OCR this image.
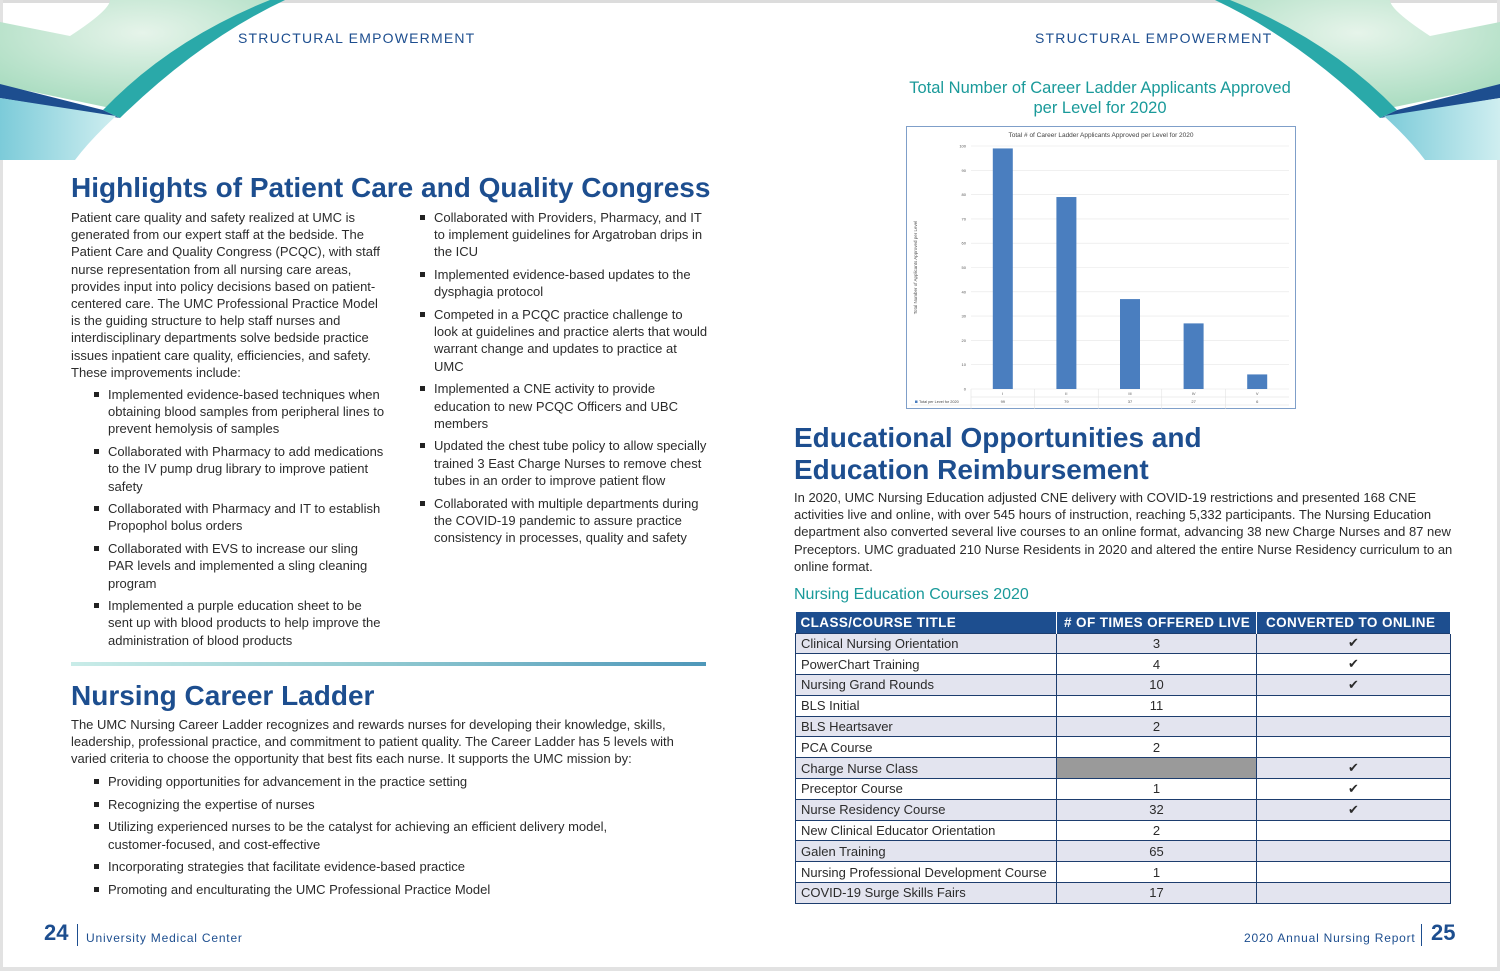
STRUCTURAL EMPOWERMENT	STRUCTURAL EMPOWERMENT
Highlights of Patient Care and Quality Congress
Patient care quality and safety realized at UMC is generated from our expert staff at the bedside. The Patient Care and Quality Congress (PCQC), with staff nurse representation from all nursing care areas, provides input into policy decisions based on patient-centered care. The UMC Professional Practice Model is the guiding structure to help staff nurses and interdisciplinary departments solve bedside practice issues inpatient care quality, efficiencies, and safety. These improvements include:
Implemented evidence-based techniques when obtaining blood samples from peripheral lines to prevent hemolysis of samples
Collaborated with Pharmacy to add medications to the IV pump drug library to improve patient safety
Collaborated with Pharmacy and IT to establish Propophol bolus orders
Collaborated with EVS to increase our sling PAR levels and implemented a sling cleaning program
Implemented a purple education sheet to be sent up with blood products to help improve the administration of blood products
Collaborated with Providers, Pharmacy, and IT to implement guidelines for Argatroban drips in the ICU
Implemented evidence-based updates to the dysphagia protocol
Competed in a PCQC practice challenge to look at guidelines and practice alerts that would warrant change and updates to practice at UMC
Implemented a CNE activity to provide education to new PCQC Officers and UBC members
Updated the chest tube policy to allow specially trained 3 East Charge Nurses to remove chest tubes in an order to improve patient flow
Collaborated with multiple departments during the COVID-19 pandemic to assure practice consistency in processes, quality and safety
Nursing Career Ladder
The UMC Nursing Career Ladder recognizes and rewards nurses for developing their knowledge, skills, leadership, professional practice, and commitment to patient quality. The Career Ladder has 5 levels with varied criteria to choose the opportunity that best fits each nurse. It supports the UMC mission by:
Providing opportunities for advancement in the practice setting
Recognizing the expertise of nurses
Utilizing experienced nurses to be the catalyst for achieving an efficient delivery model, customer-focused, and cost-effective
Incorporating strategies that facilitate evidence-based practice
Promoting and enculturating the UMC Professional Practice Model
24 University Medical Center
Total Number of Career Ladder Applicants Approved per Level for 2020
Total # of Career Ladder Applicants Approved per Level for 2020
0
10
20
30
40
50
60
70
80
90
100
Total Number of Applicants Approved per Level
Total per Level for 2020
I
99
II
79
III
37
IV
27
V
6
Educational Opportunities and
Education Reimbursement
In 2020, UMC Nursing Education adjusted CNE delivery with COVID-19 restrictions and presented 168 CNE activities live and online, with over 545 hours of instruction, reaching 5,332 participants. The Nursing Education department also converted several live courses to an online format, advancing 38 new Charge Nurses and 87 new Preceptors. UMC graduated 210 Nurse Residents in 2020 and altered the entire Nurse Residency curriculum to an online format.
Nursing Education Courses 2020
CLASS/COURSE TITLE	# OF TIMES OFFERED LIVE	CONVERTED TO ONLINE
Clinical Nursing Orientation	3	✔
PowerChart Training	4	✔
Nursing Grand Rounds	10	✔
BLS Initial	11	
BLS Heartsaver	2	
PCA Course	2	
Charge Nurse Class		✔
Preceptor Course	1	✔
Nurse Residency Course	32	✔
New Clinical Educator Orientation	2	
Galen Training	65	
Nursing Professional Development Course	1	
COVID-19 Surge Skills Fairs	17	
2020 Annual Nursing Report 25
